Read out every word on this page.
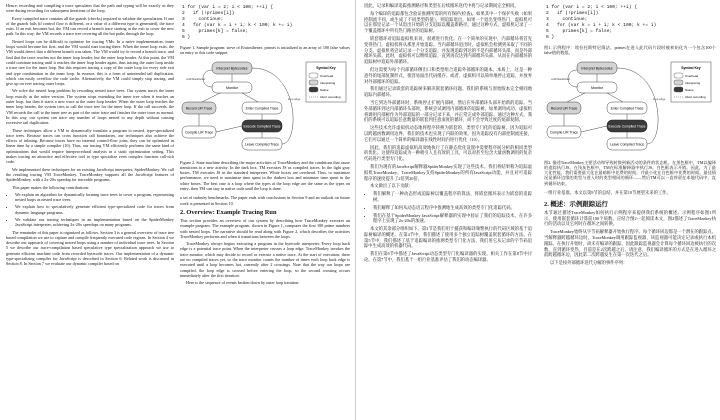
Hence, recording and compiling a trace speculates that the path and typing will be exactly as they were during recording for subsequent iterations of the loop.

Every compiled trace contains all the guards (checks) required to validate the speculation. If one of the guards fails (if control flow is different, or a value of a different type is generated), the trace exits. If an exit becomes hot, the VM can record a branch trace starting at the exit to cover the new path. In this way, the VM records a trace tree covering all the hot paths through the loop.

Nested loops can be difficult to optimize for tracing VMs. In a naïve implementation, inner loops would become hot first, and the VM would start tracing there. When the inner loop exits, the VM would detect that a different branch was taken. The VM would try to record a branch trace, and find that the trace reaches not the inner loop header, but the outer loop header. At this point, the VM could continue tracing until it reaches the inner loop header again, thus tracing the outer loop inside a trace tree for the inner loop. But this requires tracing a copy of the outer loop for every side exit and type combination in the inner loop. In essence, this is a form of unintended tail duplication, which can easily overflow the code cache. Alternatively, the VM could simply stop tracing, and give up on ever tracing outer loops.

We solve the nested loop problem by recording nested trace trees. Our system traces the inner loop exactly as the naïve version. The system stops extending the inner tree when it reaches an outer loop, but then it starts a new trace at the outer loop header. When the outer loop reaches the inner loop header, the system tries to call the trace tree for the inner loop. If the call succeeds, the VM records the call to the inner tree as part of the outer trace and finishes the outer trace as normal. In this way, our system can trace any number of loops nested to any depth without causing excessive tail duplication.

These techniques allow a VM to dynamically translate a program to nested, type-specialized trace trees. Because traces can cross function call boundaries, our techniques also achieve the effects of inlining. Because traces have no internal control-flow joins, they can be optimized in linear time by a simple compiler (10). Thus, our tracing VM efficiently performs the same kind of optimizations that would require interprocedural analysis in a static optimization setting. This makes tracing an attractive and effective tool to type specialize even complex function call-rich code.

We implemented these techniques for an existing JavaScript interpreter, SpiderMonkey. We call the resulting tracing VM TraceMonkey. TraceMonkey supports all the JavaScript features of SpiderMonkey, with a 2x-20x speedup for traceable programs.

This paper makes the following contributions:

• We explain an algorithm for dynamically forming trace trees to cover a program, representing nested loops as nested trace trees.
• We explain how to speculatively generate efficient type-specialized code for traces from dynamic language programs.
• We validate our tracing techniques in an implementation based on the SpiderMonkey JavaScript interpreter, achieving 2x-20x speedups on many programs.

The remainder of this paper is organized as follows. Section 3 is a general overview of trace tree based compilation we use to capture and compile frequently executed code regions. In Section 4 we describe our approach of covering nested loops using a number of individual trace trees. In Section 5 we describe our trace-compilation based speculative type specialization approach we use to generate efficient machine code from recorded bytecode traces. Our implementation of a dynamic type-specializing compiler for JavaScript is described in Section 6. Related work is discussed in Section 8. In Section 7 we evaluate our dynamic compiler based on

1 for (var i = 2; i < 100; ++i) {
2   if (!primes[i])
3     continue;
4   for (var k = i + i; k < 100; k += i)
5     primes[k] = false;
6 }
Figure 1. Sample program: sieve of Eratosthenes. primes is initialized to an array of 100 false values on entry to this code snippet.
Interpret Bytecodes
Monitor
Record LIR Trace
Compile LIR Trace
Enter Compiled Trace
Execute Compiled Trace
Leave Compiled Trace
loop edge
cold/blacklisted
Symbol Key
Overhead
Interpreting
Native
Abort recording
Figure 2. State machine describing the major activities of TraceMonkey and the conditions that cause transitions to a new activity. In the dark box, TM executes JS as compiled traces. In the light gray boxes, TM executes JS in the standard interpreter. White boxes are overhead. Thus, to maximize performance, we need to maximize time spent in the darkest box and minimize time spent in the white boxes. The best case is a loop where the types at the loop edge are the same as the types on entry–then TM can stay in native code until the loop is done.

a set of industry benchmarks. The paper ends with conclusions in Section 9 and an outlook on future work is presented in Section 10.

2. Overview: Example Tracing Run

This section provides an overview of our system by describing how TraceMonkey executes an example program. The example program, shown in Figure 1, computes the first 100 prime numbers with nested loops. The narrative should be read along with Figure 2, which describes the activities TraceMonkey performs and when it transitions between the loops.

TraceMonkey always begins executing a program in the bytecode interpreter. Every loop back edge is a potential trace point. When the interpreter crosses a loop edge, TraceMonkey invokes the trace monitor, which may decide to record or execute a native trace. At the start of execution, there are no compiled traces yet, so the trace monitor counts the number of times each loop back edge is executed until a loop becomes hot, currently after 2 crossings. Note that the way our loops are compiled, the loop edge is crossed before entering the loop, so the second crossing occurs immediately after the first iteration.

Here is the sequence of events broken down by outer loop iteration:

因此，记录和编译追踪推测路径和类型在后续循环迭代中将与记录期间完全相同。

每个编译的追踪都包含验证推测所需的所有保护(检查)。如果其中一个保护失败（如果控制流不同，或生成了不同类型的值），则追踪退出。如果一个退出变得热门，虚拟机可以在那里记录一个从退出开始的分支追踪以覆盖新路径。通过这种方式，虚拟机记录了一个覆盖循环中所有热门路径的追踪树。

嵌套循环对追踪虚拟机来说，很难进行优化。在一个简单的实现中，内部循环将首先变得热门，虚拟机将从那里开始追踪。当内部循环退出时，虚拟机会检测到采取了不同的分支。虚拟机将尝试记录一个分支追踪，并发现追踪到达的不是内部循环头部，而是外部循环头部。此时，虚拟机可以继续追踪，直到再次达到内部循环头部，从而在内部循环的追踪树中追踪外部循环。

但这需要为每个内部循环侧出口和类型组合追踪外部循环的副本。本质上，这是一种意外的尾部复制形式，很容易溢出代码缓存。或者，虚拟机可以简单地停止追踪，并放弃对外部循环的追踪。

我们通过记录嵌套的追踪树来解决嵌套循环问题。我们的系统与原始版本完全相同地追踪内部循环。

当它到达外部循环时，系统停止扩展内部树，然后在外部循环头部开始新的追踪。当外部循环到达内部循环头部时，系统尝试调用内部循环的追踪树。如果调用成功，虚拟机将调用内部树作为外部追踪的一部分记录下来，并正常完成外部追踪。通过这种方式，我们的系统可以追踪任意数量的嵌套到任意深度的循环，而不会导致过度的尾部复制。

这些技术允许虚拟机动态地将程序转换为嵌套的、类型专门化的追踪树。因为追踪可以跨越函数调用边界，我们的技术也实现了内联的效果。因为追踪没有内部控制流连接，它们可以通过一个简单的编译器在线性时间内进行优化（10）。

因此，我们的追踪虚拟机高效地执行了在静态优化设置中需要程序间分析的相同类型的优化。这使得追踪成为一种吸引人且有效的工具，可以对甚至包含大量函数调用的复杂代码进行类型专门化。

我们为现有的JavaScript解释器SpiderMonkey实现了这些技术。我们将结果称为追踪虚拟机TraceMonkey。TraceMonkey支持SpiderMonkey的所有JavaScript功能，并且对可追踪程序的速度提升了2倍到20倍。

本文做出了以下贡献：

• 我们解释了一种动态形成追踪树以覆盖程序的算法，将嵌套循环表示为嵌套的追踪树。
• 我们解释了如何从动态语言程序中推测地生成高效的类型专门化追踪代码。
• 我们在基于SpiderMonkey JavaScript解释器的实现中验证了我们的追踪技术，在许多程序上实现了2x-20x的加速。

本文的其余部分组织如下。第3节是我们用于捕获和编译频繁执行的代码区域的基于追踪树编译的概述。在第4节中，我们描述了使用多个独立追踪树覆盖嵌套循环的方法。在第5节中，我们描述了基于追踪编译的推测类型专门化方法，我们用它从记录的字节码追踪中生成高效的机器代码。

我们在第6节中描述了JavaScript动态类型专门化编译器的实现。相关工作在第8节中讨论。在第7节中，我们基于一组行业基准评估了我们的动态编译器。

1 for (var i = 2; i < 100; ++i) {
2   if (!primes[i])
3     continue;
4   for (var k = i + i; k < 100; k += i)
5     primes[k] = false;
6 }
图1. 示例程序：埃拉托斯特尼筛法。primes在进入此代码片段时被初始化为一个包含100个false值的数组。
Interpret Bytecodes
Monitor
Record LIR Trace
Compile LIR Trace
Enter Compiled Trace
Execute Compiled Trace
Leave Compiled Trace
loop edge
cold/blacklisted
Symbol Key
Overhead
Interpreting
Native
Abort recording
图2. 描述TraceMonkey主要活动和导致转换到新活动的条件的状态机。在黑色框中，TM以编译的追踪执行JS。在浅灰色框中，TM在标准解释器中执行JS。白色框表示开销。因此，为了最大化性能，我们需要最大化在最暗框中花费的时间，并最小化在白色框中花费的时间。最佳情况是循环边缘的类型与进入时的类型相同的循环——然后TM可以一直停留在本地代码中，直到循环结束。

一组行业基准。本文以第9节的总结，并在第10节展望未来的工作。

2. 概述：示例跟踪运行

本节通过描述TraceMonkey如何执行示例程序来提供我们系统的概述。示例程序如图1所示，使用嵌套循环计算前100个质数。应结合图2一起阅读本文，图2描述了TraceMonkey执行的活动以及它何时在循环之间转换。

TraceMonkey始终从字节码解释器开始执行程序。每个循环回边都是一个潜在的跟踪点。当解释器跨越循环边时，TraceMonkey调用跟踪监视器，该监视器可能决定记录或执行本机跟踪。在执行开始时，尚未有编译的跟踪，因此跟踪监视器会计算每个循环回边被执行的次数，直到循环变热，目前是在2次跨越之后。请注意，我们编译循环的方式是在进入循环之前跨越循环边，因此第二次跨越发生在第一次迭代之后。

以下是按外部循环迭代分解的事件序列：
